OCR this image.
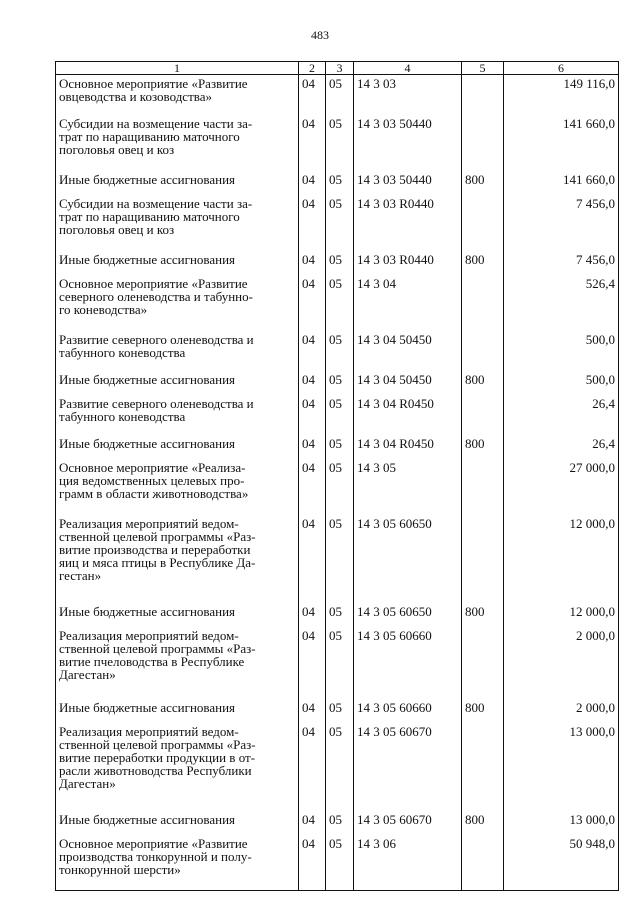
483
1	2	3	4	5	6
Основное мероприятие «Развитие
овцеводства и козоводства»	04	05	14 3 03		149 116,0
Субсидии на возмещение части за-
трат по наращиванию маточного
поголовья овец и коз	04	05	14 3 03 50440		141 660,0
Иные бюджетные ассигнования	04	05	14 3 03 50440	800	141 660,0
Субсидии на возмещение части за-
трат по наращиванию маточного
поголовья овец и коз	04	05	14 3 03 R0440		7 456,0
Иные бюджетные ассигнования	04	05	14 3 03 R0440	800	7 456,0
Основное мероприятие «Развитие
северного оленеводства и табунно-
го коневодства»	04	05	14 3 04		526,4
Развитие северного оленеводства и
табунного коневодства	04	05	14 3 04 50450		500,0
Иные бюджетные ассигнования	04	05	14 3 04 50450	800	500,0
Развитие северного оленеводства и
табунного коневодства	04	05	14 3 04 R0450		26,4
Иные бюджетные ассигнования	04	05	14 3 04 R0450	800	26,4
Основное мероприятие «Реализа-
ция ведомственных целевых про-
грамм в области животноводства»	04	05	14 3 05		27 000,0
Реализация мероприятий ведом-
ственной целевой программы «Раз-
витие производства и переработки
яиц и мяса птицы в Республике Да-
гестан»	04	05	14 3 05 60650		12 000,0
Иные бюджетные ассигнования	04	05	14 3 05 60650	800	12 000,0
Реализация мероприятий ведом-
ственной целевой программы «Раз-
витие пчеловодства в Республике
Дагестан»	04	05	14 3 05 60660		2 000,0
Иные бюджетные ассигнования	04	05	14 3 05 60660	800	2 000,0
Реализация мероприятий ведом-
ственной целевой программы «Раз-
витие переработки продукции в от-
расли животноводства Республики
Дагестан»	04	05	14 3 05 60670		13 000,0
Иные бюджетные ассигнования	04	05	14 3 05 60670	800	13 000,0
Основное мероприятие «Развитие
производства тонкорунной и полу-
тонкорунной шерсти»	04	05	14 3 06		50 948,0
